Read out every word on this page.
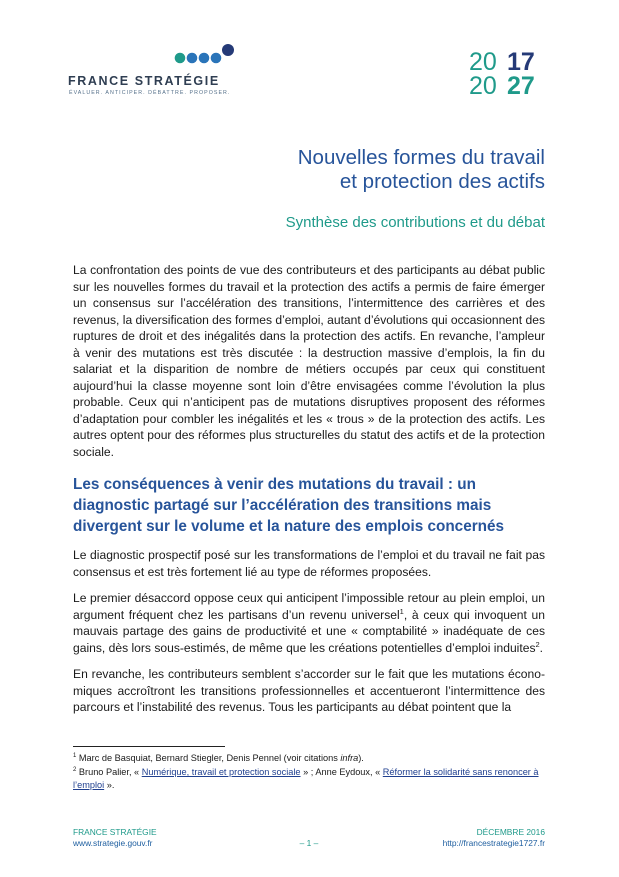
FRANCE STRATÉGIE
ÉVALUER. ANTICIPER. DÉBATTRE. PROPOSER.
20 17
20 27
Nouvelles formes du travail
et protection des actifs
Synthèse des contributions et du débat

La confrontation des points de vue des contributeurs et des participants au débat public sur les nouvelles formes du travail et la protection des actifs a permis de faire émerger un consensus sur l’accélération des transitions, l’intermittence des carrières et des revenus, la diversification des formes d’emploi, autant d’évolutions qui occasionnent des ruptures de droit et des inégalités dans la protection des actifs. En revanche, l’ampleur à venir des mutations est très discutée : la destruction massive d’emplois, la fin du salariat et la disparition de nombre de métiers occupés par ceux qui constituent aujourd’hui la classe moyenne sont loin d’être envisagées comme l’évolution la plus probable. Ceux qui n’anticipent pas de mutations disruptives proposent des réformes d’adaptation pour combler les inégalités et les « trous » de la protection des actifs. Les autres optent pour des réformes plus structurelles du statut des actifs et de la protection sociale.

Les conséquences à venir des mutations du travail : un diagnostic partagé sur l’accélération des transitions mais divergent sur le volume et la nature des emplois concernés

Le diagnostic prospectif posé sur les transformations de l’emploi et du travail ne fait pas consensus et est très fortement lié au type de réformes proposées.

Le premier désaccord oppose ceux qui anticipent l’impossible retour au plein emploi, un argument fréquent chez les partisans d’un revenu universel$^1$, à ceux qui invoquent un mauvais partage des gains de productivité et une « comptabilité » inadéquate de ces gains, dès lors sous-estimés, de même que les créations potentielles d’emploi induites$^2$.

En revanche, les contributeurs semblent s’accorder sur le fait que les mutations économiques accroîtront les transitions professionnelles et accentueront l’intermittence des parcours et l’instabilité des revenus. Tous les participants au débat pointent que la

$^1$ Marc de Basquiat, Bernard Stiegler, Denis Pennel (voir citations infra).

$^2$ Bruno Palier, « Numérique, travail et protection sociale » ; Anne Eydoux, « Réformer la solidarité sans renoncer à l’emploi ».

FRANCE STRATÉGIE
www.strategie.gouv.fr	– 1 –
DÉCEMBRE 2016
http://francestrategie1727.fr
